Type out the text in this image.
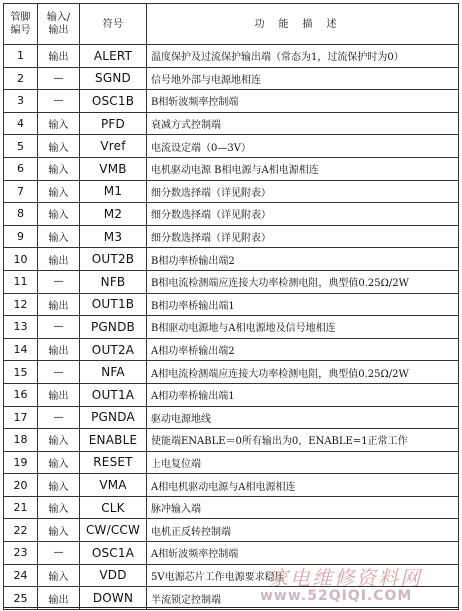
管脚
编号	输入/
输出	符号	功能描述
1	输出	ALERT	温度保护及过流保护输出端（常态为1，过流保护时为0）
2	—	SGND	信号地外部与电源地相连
3	—	OSC1B	B相斩波频率控制端
4	输入	PFD	衰减方式控制端
5	输入	Vref	电流设定端（0—3V）
6	输入	VMB	电机驱动电源 B相电源与A相电源相连
7	输入	M1	细分数选择端（详见附表）
8	输入	M2	细分数选择端（详见附表）
9	输入	M3	细分数选择端（详见附表）
10	输出	OUT2B	B相功率桥输出端2
11	—	NFB	B相电流检测端应连接大功率检测电阻，典型值0.25Ω/2W
12	输出	OUT1B	B相功率桥输出端1
13	—	PGNDB	B相驱动电源地与A相电源地及信号地相连
14	输出	OUT2A	A相功率桥输出端2
15	—	NFA	A相电流检测端应连接大功率检测电阻，典型值0.25Ω/2W
16	输出	OUT1A	A相功率桥输出端1
17	—	PGNDA	驱动电源地线
18	输入	ENABLE	使能端ENABLE＝0所有输出为0，ENABLE=1正常工作
19	输入	RESET	上电复位端
20	输入	VMA	A相电机驱动电源与A相电源相连
21	输入	CLK	脉冲输入端
22	输入	CW/CCW	电机正反转控制端
23	—	OSC1A	A相斩波频率控制端
24	输入	VDD	5V电源芯片工作电源要求稳压
25	输出	DOWN	半流锁定控制端
家电维修资料网
www.52QIQI.COM
